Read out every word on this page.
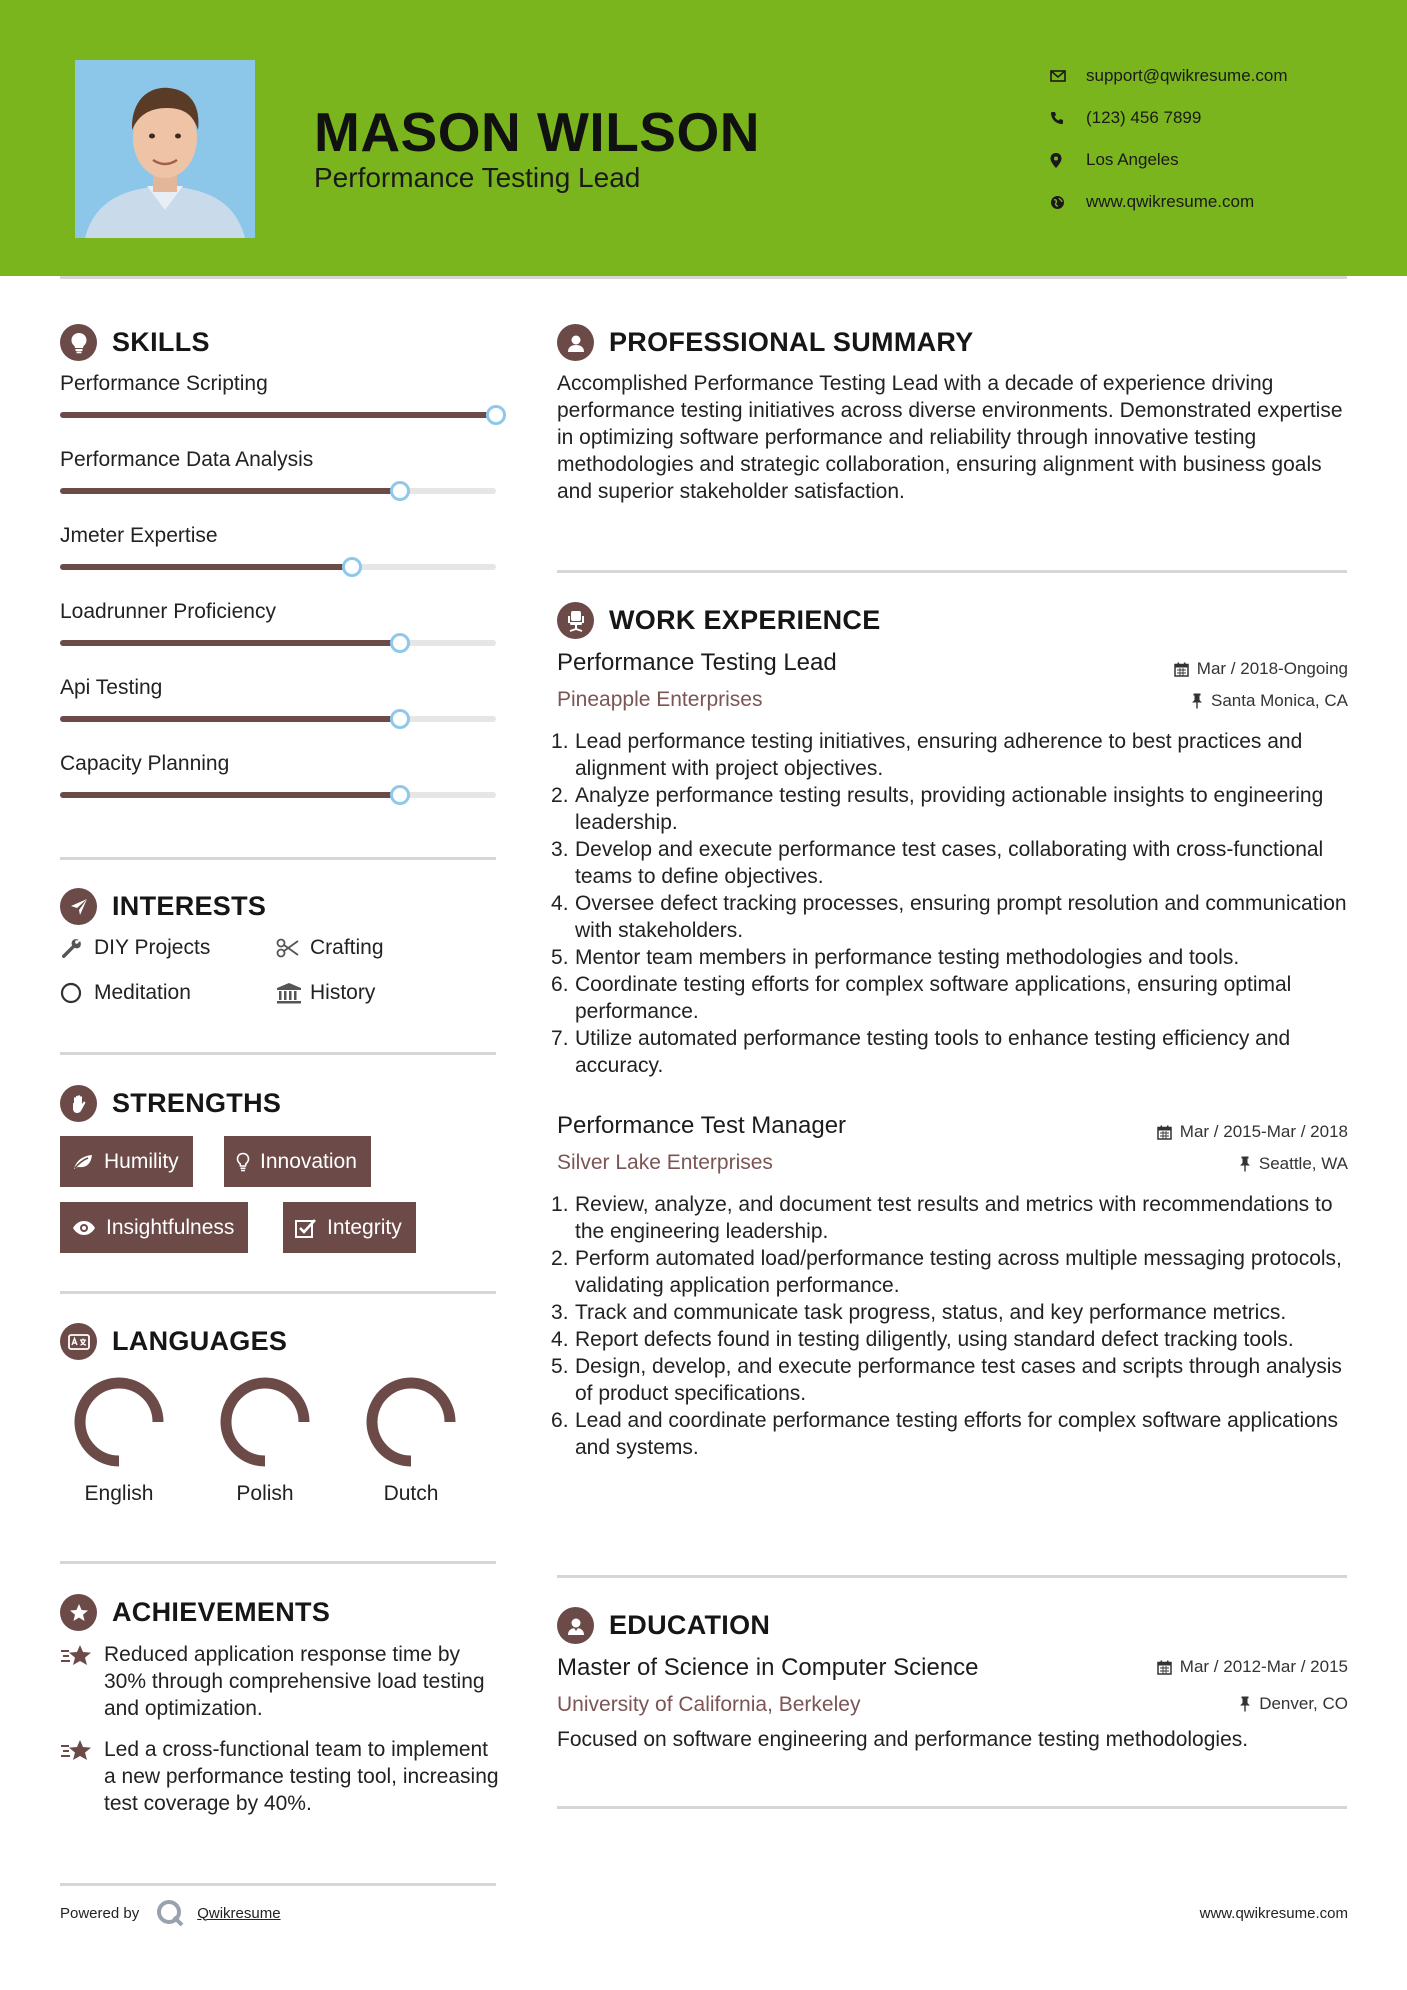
MASON WILSON
Performance Testing Lead
support@qwikresume.com
(123) 456 7899
Los Angeles
www.qwikresume.com
SKILLS
Performance Scripting
Performance Data Analysis
Jmeter Expertise
Loadrunner Proficiency
Api Testing
Capacity Planning
INTERESTS
DIY Projects	Crafting
Meditation	History
STRENGTHS
Humility	Innovation
Insightfulness	Integrity
LANGUAGES
English	Polish	Dutch
ACHIEVEMENTS
Reduced application response time by 30% through comprehensive load testing and optimization.
Led a cross-functional team to implement a new performance testing tool, increasing test coverage by 40%.
PROFESSIONAL SUMMARY
Accomplished Performance Testing Lead with a decade of experience driving performance testing initiatives across diverse environments. Demonstrated expertise in optimizing software performance and reliability through innovative testing methodologies and strategic collaboration, ensuring alignment with business goals and superior stakeholder satisfaction.
WORK EXPERIENCE
Performance Testing Lead	Mar / 2018-Ongoing
Pineapple Enterprises	Santa Monica, CA
Lead performance testing initiatives, ensuring adherence to best practices and alignment with project objectives.
Analyze performance testing results, providing actionable insights to engineering leadership.
Develop and execute performance test cases, collaborating with cross-functional teams to define objectives.
Oversee defect tracking processes, ensuring prompt resolution and communication with stakeholders.
Mentor team members in performance testing methodologies and tools.
Coordinate testing efforts for complex software applications, ensuring optimal performance.
Utilize automated performance testing tools to enhance testing efficiency and accuracy.
Performance Test Manager	Mar / 2015-Mar / 2018
Silver Lake Enterprises	Seattle, WA
Review, analyze, and document test results and metrics with recommendations to the engineering leadership.
Perform automated load/performance testing across multiple messaging protocols, validating application performance.
Track and communicate task progress, status, and key performance metrics.
Report defects found in testing diligently, using standard defect tracking tools.
Design, develop, and execute performance test cases and scripts through analysis of product specifications.
Lead and coordinate performance testing efforts for complex software applications and systems.
EDUCATION
Master of Science in Computer Science	Mar / 2012-Mar / 2015
University of California, Berkeley	Denver, CO
Focused on software engineering and performance testing methodologies.
Powered by	Qwikresume	www.qwikresume.com
